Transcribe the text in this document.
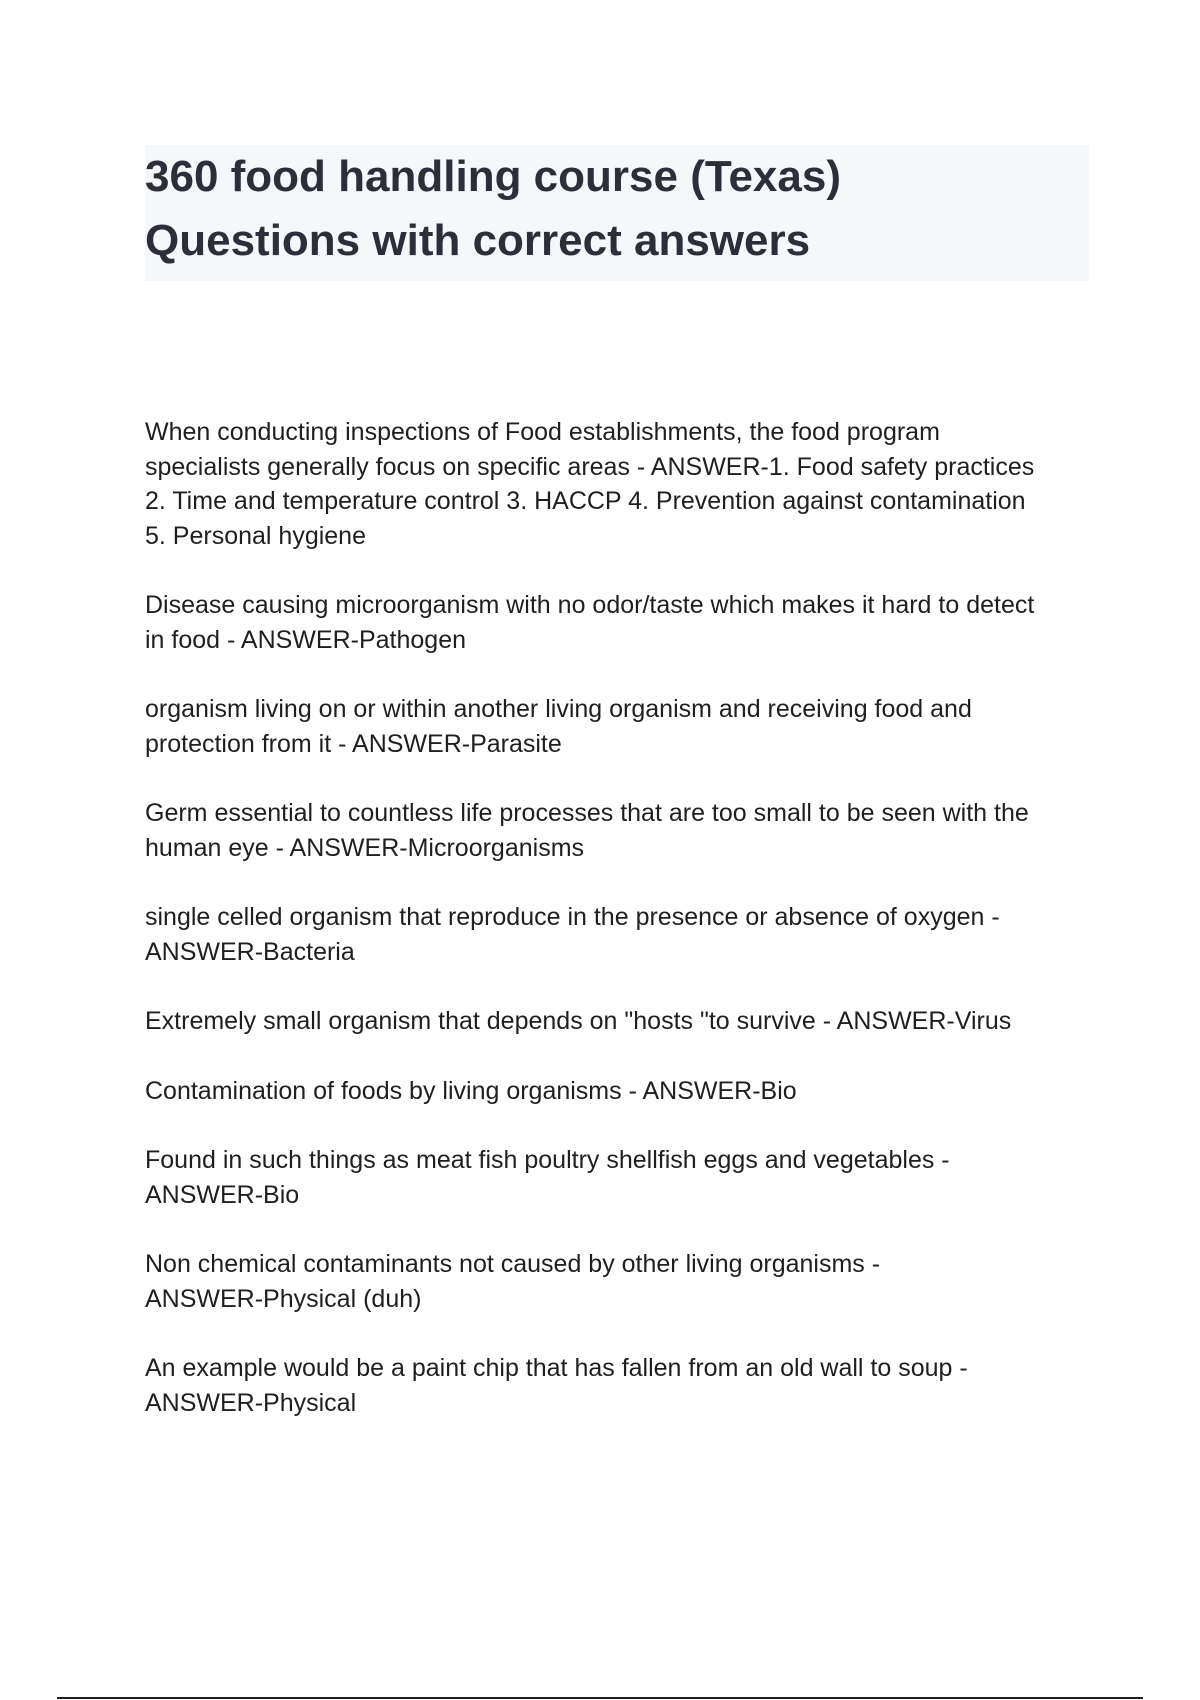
360 food handling course (Texas)
Questions with correct answers

When conducting inspections of Food establishments, the food program
specialists generally focus on specific areas - ANSWER-1. Food safety practices
2. Time and temperature control 3. HACCP 4. Prevention against contamination
5. Personal hygiene

Disease causing microorganism with no odor/taste which makes it hard to detect
in food - ANSWER-Pathogen

organism living on or within another living organism and receiving food and
protection from it - ANSWER-Parasite

Germ essential to countless life processes that are too small to be seen with the
human eye - ANSWER-Microorganisms

single celled organism that reproduce in the presence or absence of oxygen -
ANSWER-Bacteria

Extremely small organism that depends on "hosts "to survive - ANSWER-Virus

Contamination of foods by living organisms - ANSWER-Bio

Found in such things as meat fish poultry shellfish eggs and vegetables -
ANSWER-Bio

Non chemical contaminants not caused by other living organisms -
ANSWER-Physical (duh)

An example would be a paint chip that has fallen from an old wall to soup -
ANSWER-Physical
